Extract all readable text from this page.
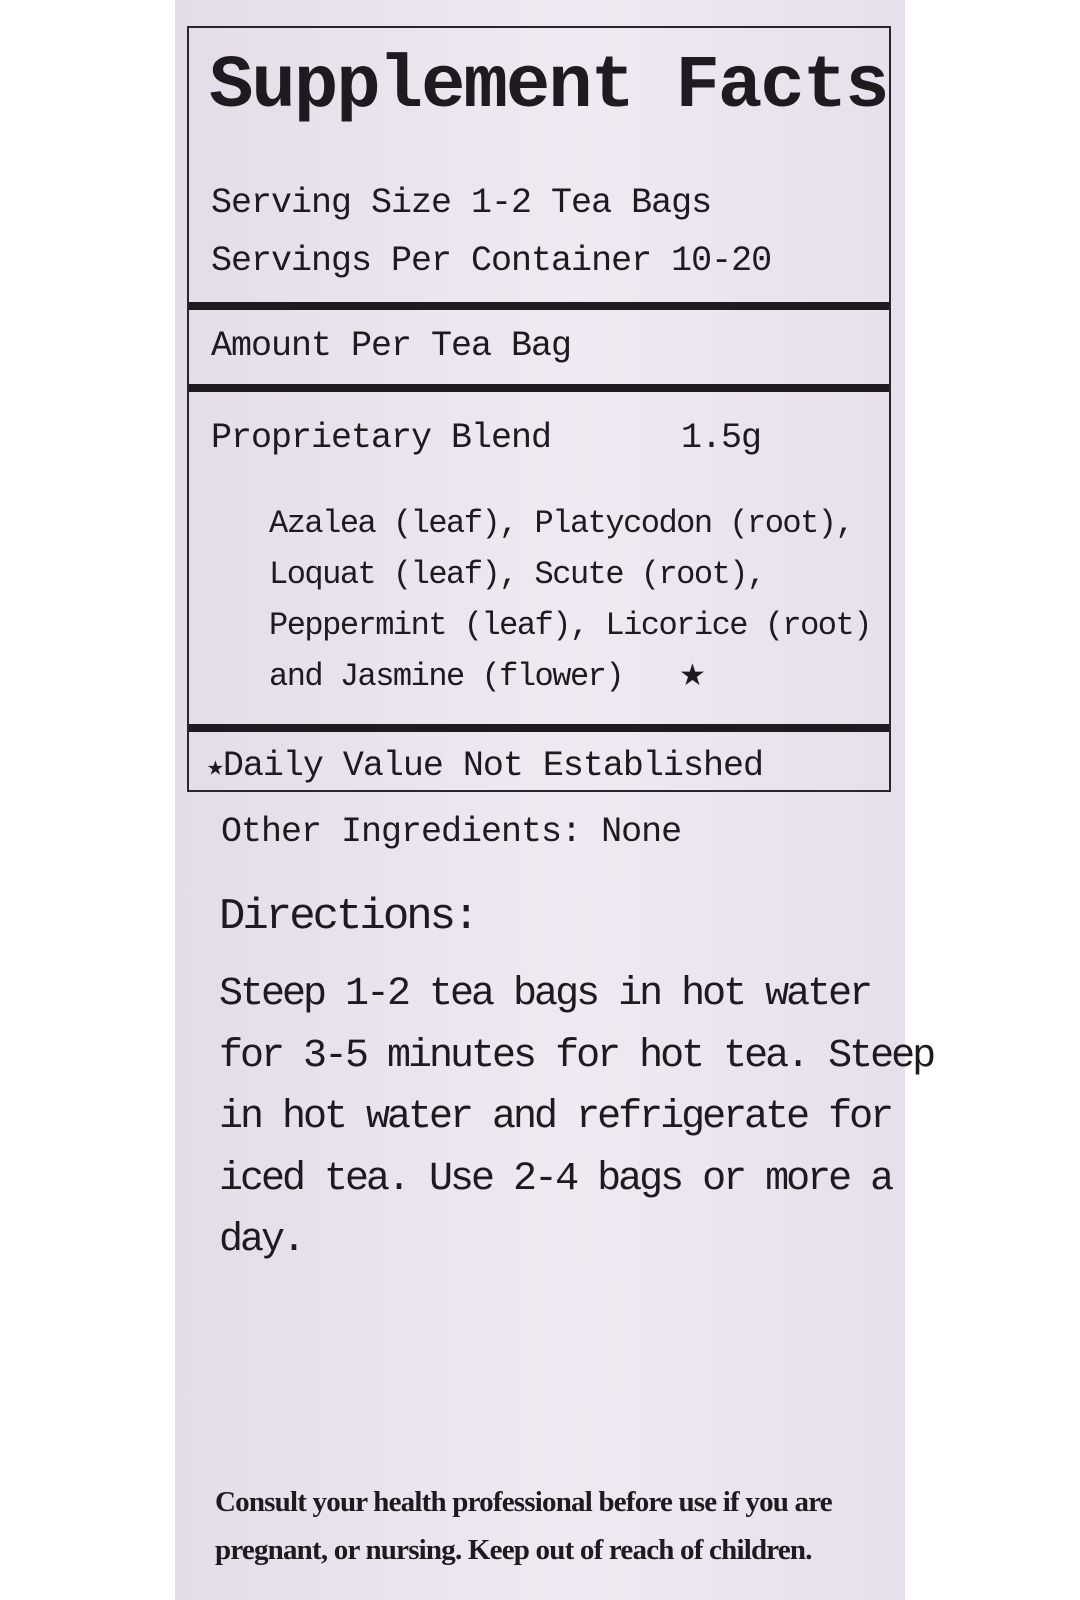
Supplement Facts
Serving Size 1-2 Tea Bags
Servings Per Container 10-20
Amount Per Tea Bag
Proprietary Blend	1.5g
Azalea (leaf), Platycodon (root),
Loquat (leaf), Scute (root),
Peppermint (leaf), Licorice (root)
and Jasmine (flower)	★
★Daily Value Not Established
Other Ingredients: None
Directions:
Steep 1-2 tea bags in hot water
for 3-5 minutes for hot tea. Steep
in hot water and refrigerate for
iced tea. Use 2-4 bags or more a
day.
Consult your health professional before use if you are
pregnant, or nursing. Keep out of reach of children.
